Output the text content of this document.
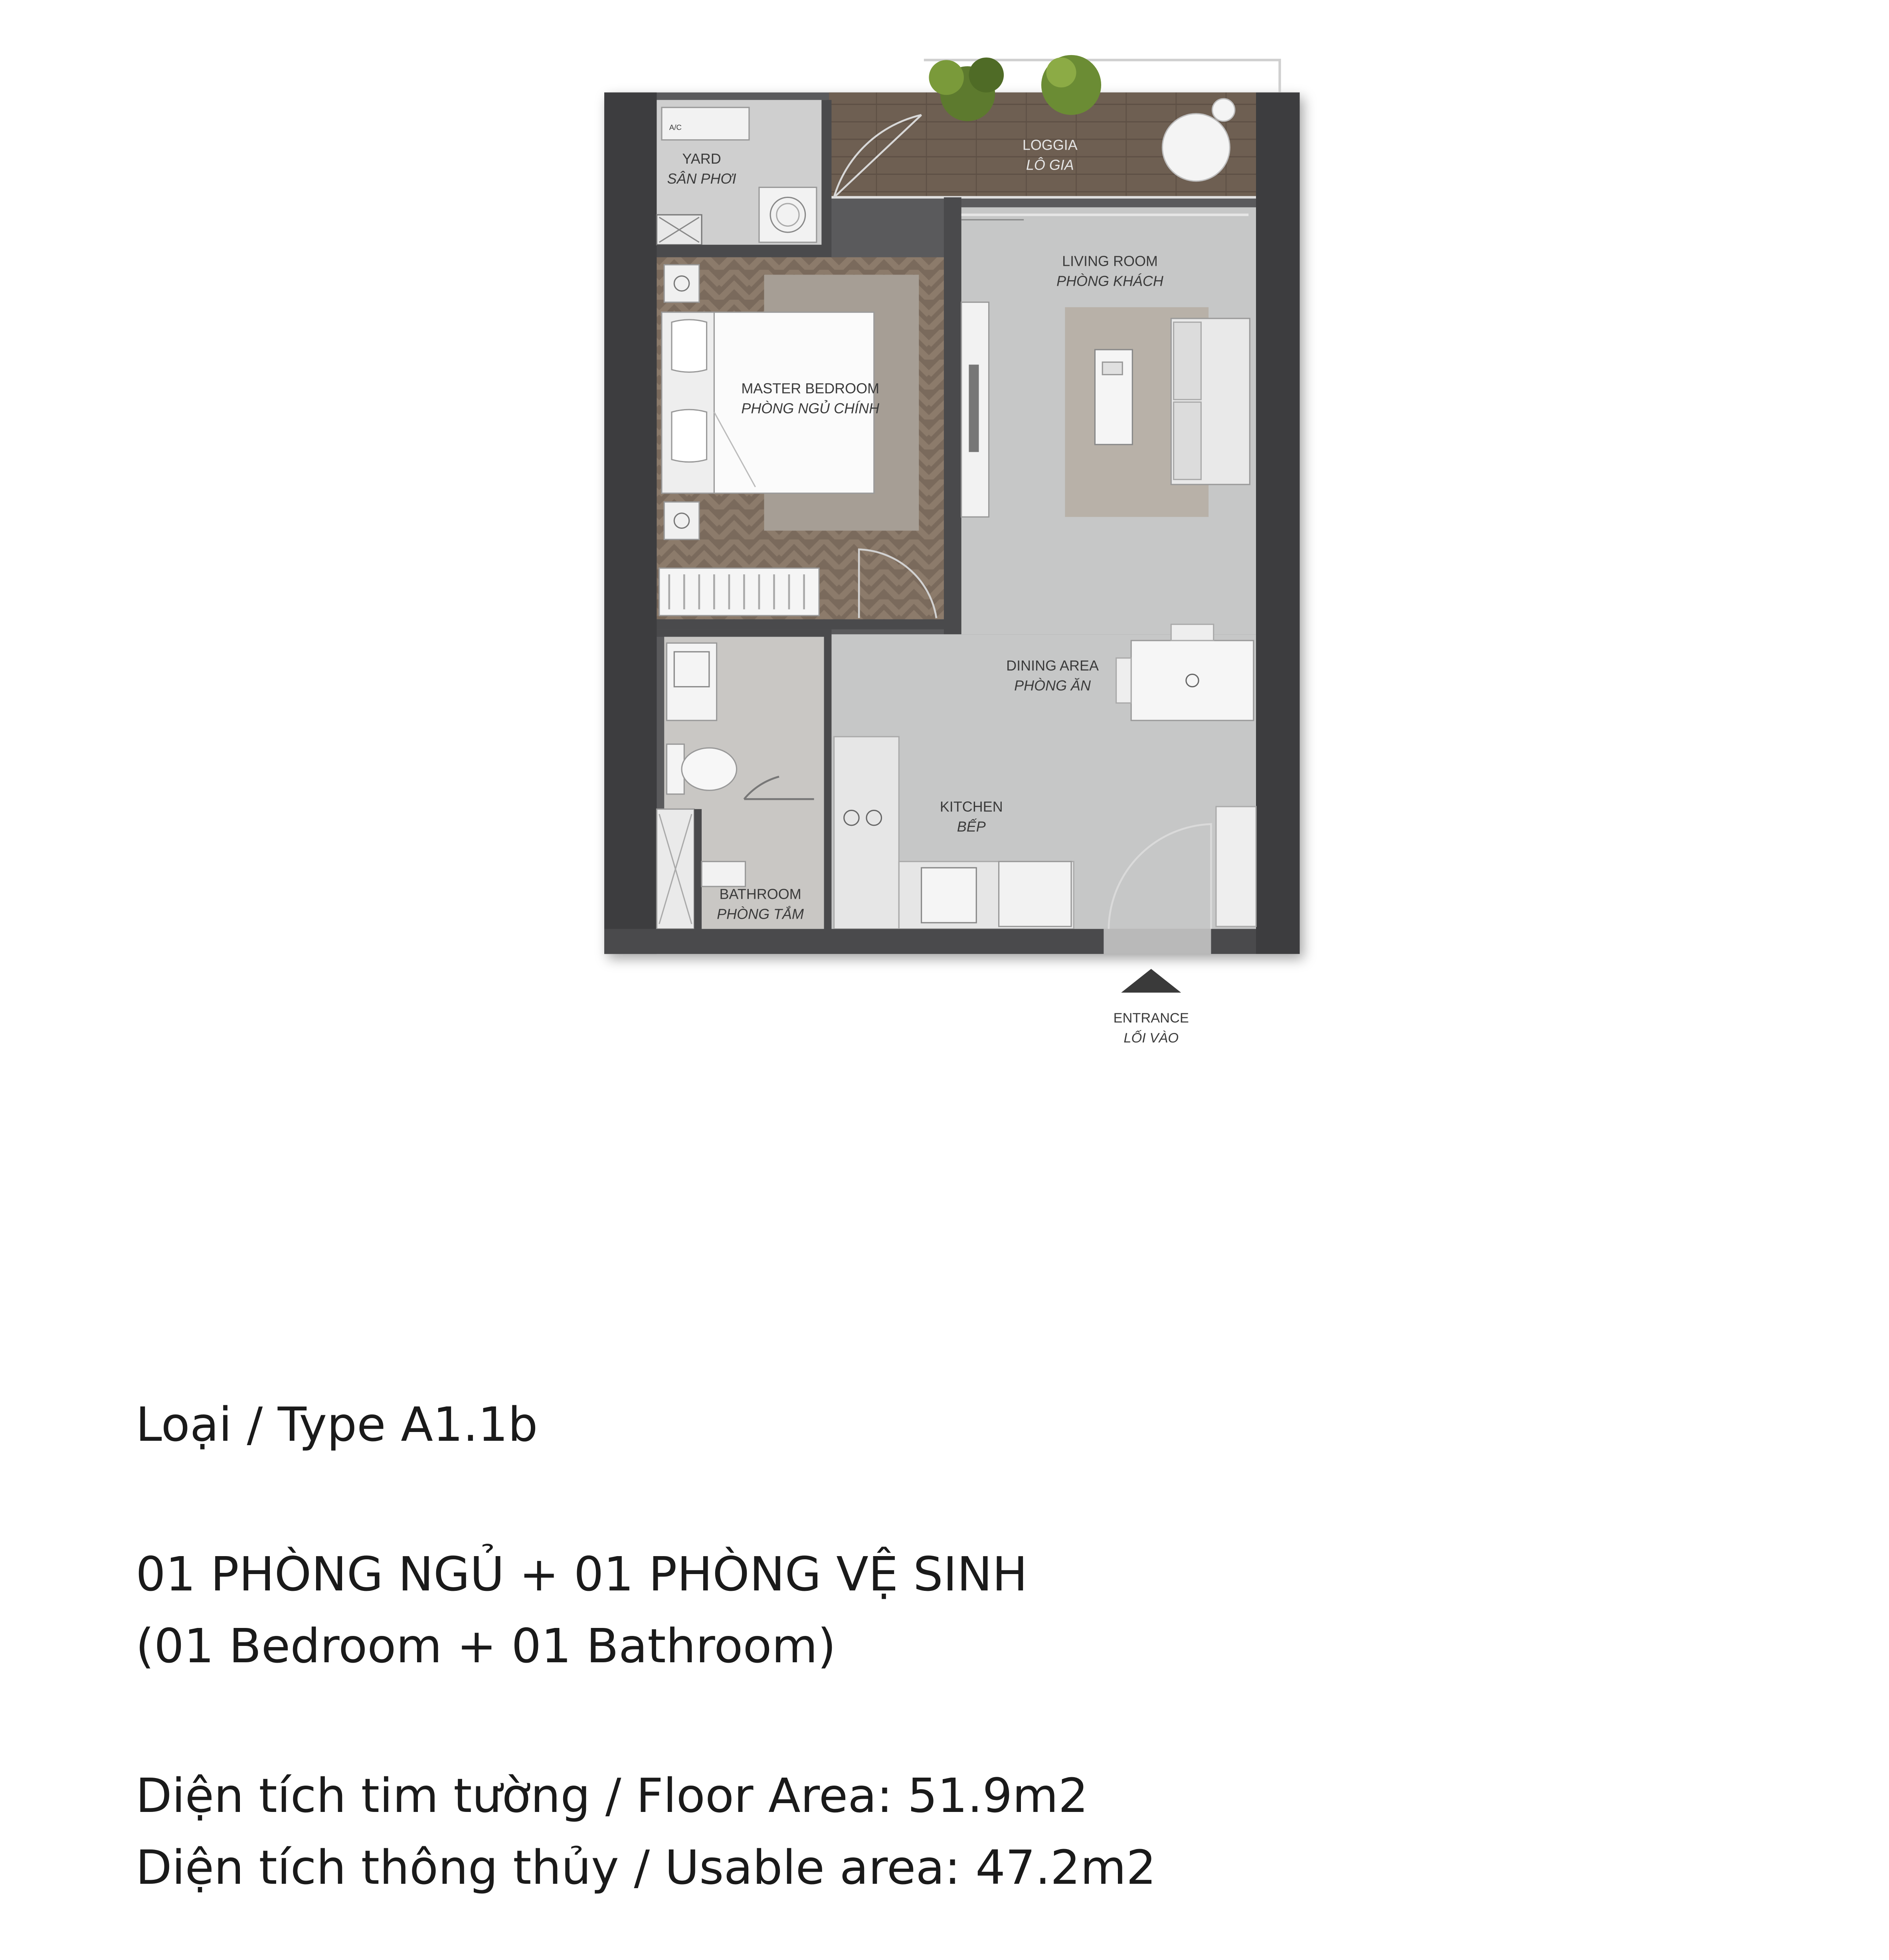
A/C
YARD
SÂN PHƠI
LOGGIA
LÔ GIA
LIVING ROOM
PHÒNG KHÁCH
MASTER BEDROOM
PHÒNG NGỦ CHÍNH
DINING AREA
PHÒNG ĂN
KITCHEN
BẾP
BATHROOM
PHÒNG TẮM
ENTRANCE
LỐI VÀO
Loại / Type A1.1b
01 PHÒNG NGỦ + 01 PHÒNG VỆ SINH
(01 Bedroom + 01 Bathroom)
Diện tích tim tường / Floor Area: 51.9m2
Diện tích thông thủy / Usable area: 47.2m2
